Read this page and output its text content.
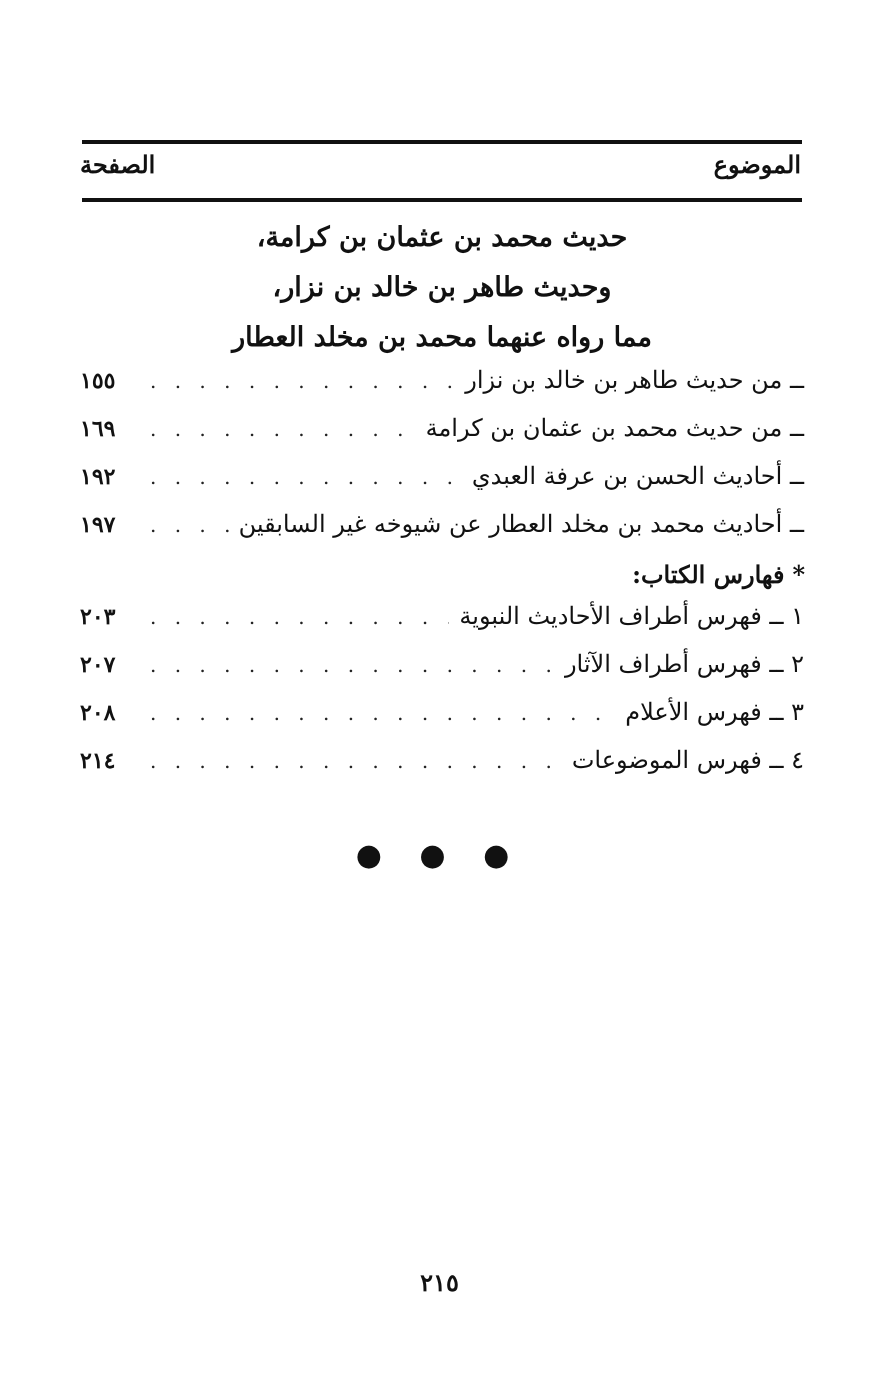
الموضوع
الصفحة
حديث محمد بن عثمان بن كرامة،
وحديث طاهر بن خالد بن نزار،
مما رواه عنهما محمد بن مخلد العطار
ــ من حديث طاهر بن خالد بن نزار
. . .
١٥٥
ــ من حديث محمد بن عثمان بن كرامة
. . .
١٦٩
ــ أحاديث الحسن بن عرفة العبدي
. . .
١٩٢
ــ أحاديث محمد بن مخلد العطار عن شيوخه غير السابقين
. . .
١٩٧
*فهارس الكتاب:
١ ــ فهرس أطراف الأحاديث النبوية
. . .
٢٠٣
٢ ــ فهرس أطراف الآثار
. . .
٢٠٧
٣ ــ فهرس الأعلام
. . .
٢٠٨
٤ ــ فهرس الموضوعات
. . .
٢١٤
● ● ●
٢١٥
